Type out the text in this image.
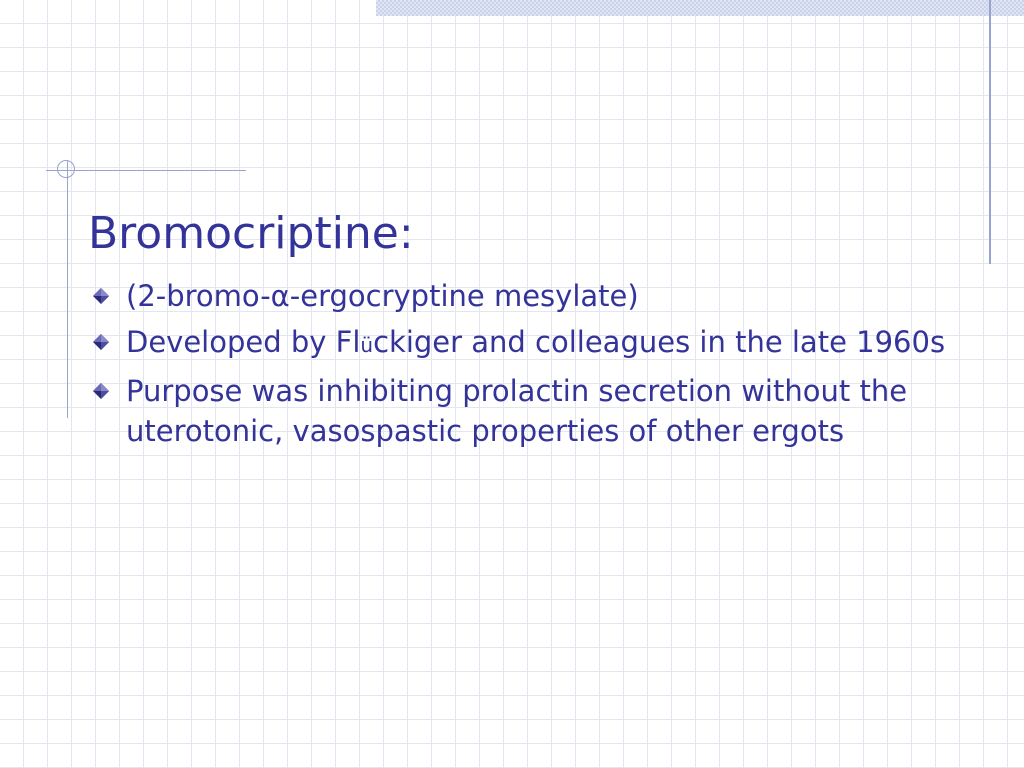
Bromocriptine:
(2-bromo-α-ergocryptine mesylate)
Developed by Flückiger and colleagues in the late 1960s
Purpose was inhibiting prolactin secretion without the uterotonic, vasospastic properties of other ergots
